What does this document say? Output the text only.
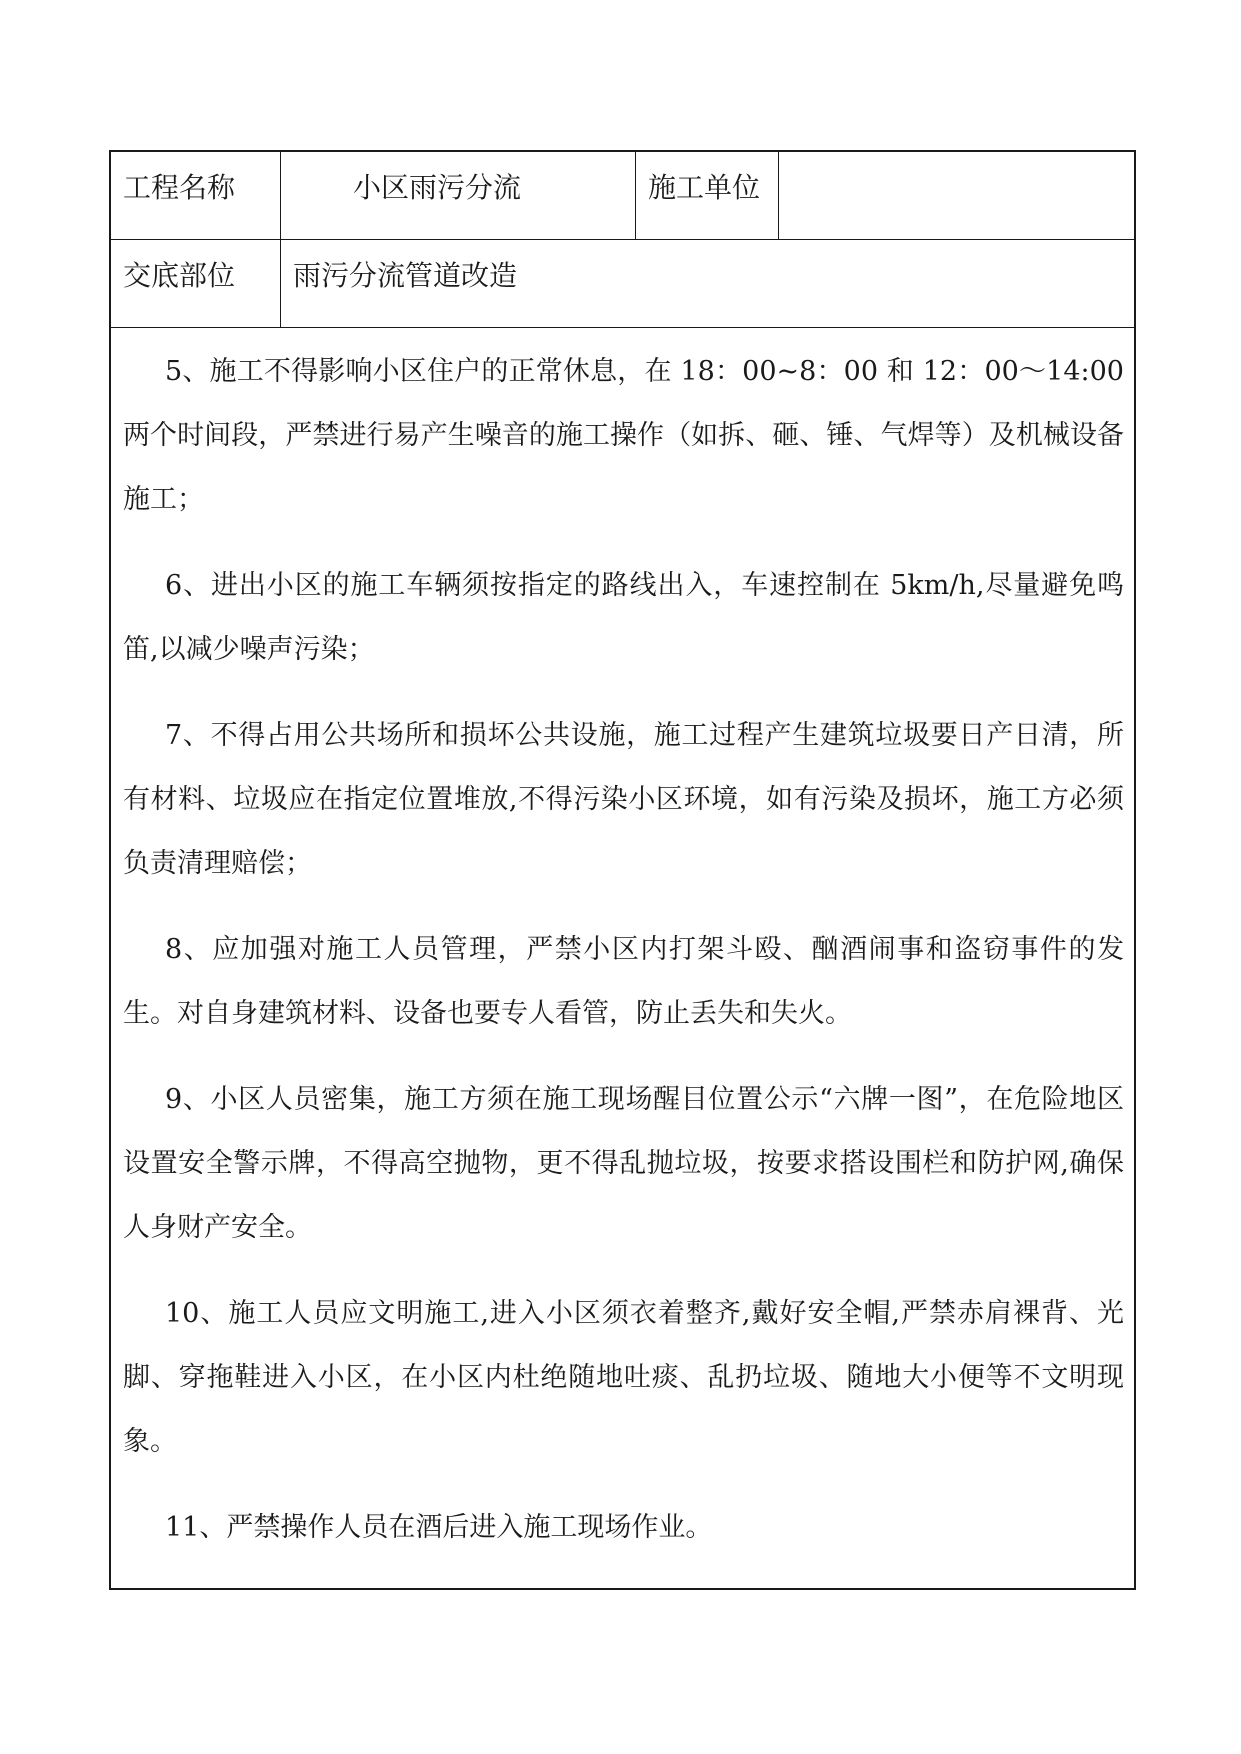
工程名称	小区雨污分流	施工单位
交底部位	雨污分流管道改造

5、施工不得影响小区住户的正常休息，在 18：00~8：00 和 12：00～14:00 两个时间段，严禁进行易产生噪音的施工操作（如拆、砸、锤、气焊等）及机械设备施工；

6、进出小区的施工车辆须按指定的路线出入，车速控制在 5km/h,尽量避免鸣笛,以减少噪声污染；

7、不得占用公共场所和损坏公共设施，施工过程产生建筑垃圾要日产日清，所有材料、垃圾应在指定位置堆放,不得污染小区环境，如有污染及损坏，施工方必须负责清理赔偿；

8、应加强对施工人员管理，严禁小区内打架斗殴、酗酒闹事和盗窃事件的发生。对自身建筑材料、设备也要专人看管，防止丢失和失火。

9、小区人员密集，施工方须在施工现场醒目位置公示“六牌一图”，在危险地区设置安全警示牌，不得高空抛物，更不得乱抛垃圾，按要求搭设围栏和防护网,确保人身财产安全。

10、施工人员应文明施工,进入小区须衣着整齐,戴好安全帽,严禁赤肩裸背、光脚、穿拖鞋进入小区，在小区内杜绝随地吐痰、乱扔垃圾、随地大小便等不文明现象。

11、严禁操作人员在酒后进入施工现场作业。
